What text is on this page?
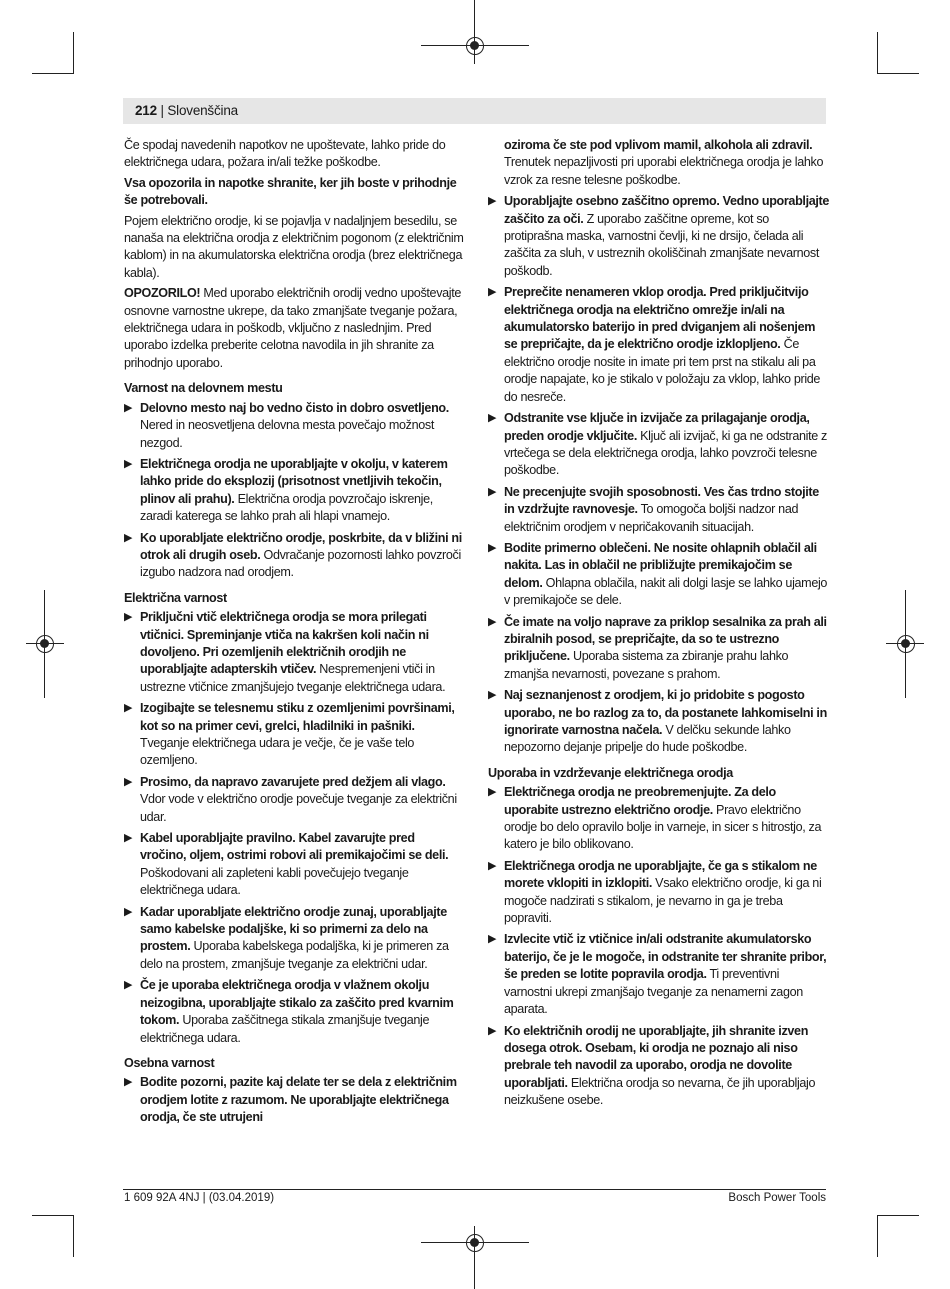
212 | Slovenščina

Če spodaj navedenih napotkov ne upoštevate, lahko pride do električnega udara, požara in/ali težke poškodbe.

Vsa opozorila in napotke shranite, ker jih boste v prihodnje še potrebovali.

Pojem električno orodje, ki se pojavlja v nadaljnjem besedilu, se nanaša na električna orodja z električnim pogonom (z električnim kablom) in na akumulatorska električna orodja (brez električnega kabla).

OPOZORILO! Med uporabo električnih orodij vedno upoštevajte osnovne varnostne ukrepe, da tako zmanjšate tveganje požara, električnega udara in poškodb, vključno z naslednjim. Pred uporabo izdelka preberite celotna navodila in jih shranite za prihodnjo uporabo.

Varnost na delovnem mestu
▶ Delovno mesto naj bo vedno čisto in dobro osvetljeno. Nered in neosvetljena delovna mesta povečajo možnost nezgod.
▶ Električnega orodja ne uporabljajte v okolju, v katerem lahko pride do eksplozij (prisotnost vnetljivih tekočin, plinov ali prahu). Električna orodja povzročajo iskrenje, zaradi katerega se lahko prah ali hlapi vnamejo.
▶ Ko uporabljate električno orodje, poskrbite, da v bližini ni otrok ali drugih oseb. Odvračanje pozornosti lahko povzroči izgubo nadzora nad orodjem.
Električna varnost
▶ Priključni vtič električnega orodja se mora prilegati vtičnici. Spreminjanje vtiča na kakršen koli način ni dovoljeno. Pri ozemljenih električnih orodjih ne uporabljajte adapterskih vtičev. Nespremenjeni vtiči in ustrezne vtičnice zmanjšujejo tveganje električnega udara.
▶ Izogibajte se telesnemu stiku z ozemljenimi površinami, kot so na primer cevi, grelci, hladilniki in pašniki. Tveganje električnega udara je večje, če je vaše telo ozemljeno.
▶ Prosimo, da napravo zavarujete pred dežjem ali vlago. Vdor vode v električno orodje povečuje tveganje za električni udar.
▶ Kabel uporabljajte pravilno. Kabel zavarujte pred vročino, oljem, ostrimi robovi ali premikajočimi se deli. Poškodovani ali zapleteni kabli povečujejo tveganje električnega udara.
▶ Kadar uporabljate električno orodje zunaj, uporabljajte samo kabelske podaljške, ki so primerni za delo na prostem. Uporaba kabelskega podaljška, ki je primeren za delo na prostem, zmanjšuje tveganje za električni udar.
▶ Če je uporaba električnega orodja v vlažnem okolju neizogibna, uporabljajte stikalo za zaščito pred kvarnim tokom. Uporaba zaščitnega stikala zmanjšuje tveganje električnega udara.
Osebna varnost
▶ Bodite pozorni, pazite kaj delate ter se dela z električnim orodjem lotite z razumom. Ne uporabljajte električnega orodja, če ste utrujeni
oziroma če ste pod vplivom mamil, alkohola ali zdravil. Trenutek nepazljivosti pri uporabi električnega orodja je lahko vzrok za resne telesne poškodbe.
▶ Uporabljajte osebno zaščitno opremo. Vedno uporabljajte zaščito za oči. Z uporabo zaščitne opreme, kot so protiprašna maska, varnostni čevlji, ki ne drsijo, čelada ali zaščita za sluh, v ustreznih okoliščinah zmanjšate nevarnost poškodb.
▶ Preprečite nenameren vklop orodja. Pred priključitvijo električnega orodja na električno omrežje in/ali na akumulatorsko baterijo in pred dviganjem ali nošenjem se prepričajte, da je električno orodje izklopljeno. Če električno orodje nosite in imate pri tem prst na stikalu ali pa orodje napajate, ko je stikalo v položaju za vklop, lahko pride do nesreče.
▶ Odstranite vse ključe in izvijače za prilagajanje orodja, preden orodje vključite. Ključ ali izvijač, ki ga ne odstranite z vrtečega se dela električnega orodja, lahko povzroči telesne poškodbe.
▶ Ne precenjujte svojih sposobnosti. Ves čas trdno stojite in vzdržujte ravnovesje. To omogoča boljši nadzor nad električnim orodjem v nepričakovanih situacijah.
▶ Bodite primerno oblečeni. Ne nosite ohlapnih oblačil ali nakita. Las in oblačil ne približujte premikajočim se delom. Ohlapna oblačila, nakit ali dolgi lasje se lahko ujamejo v premikajoče se dele.
▶ Če imate na voljo naprave za priklop sesalnika za prah ali zbiralnih posod, se prepričajte, da so te ustrezno priključene. Uporaba sistema za zbiranje prahu lahko zmanjša nevarnosti, povezane s prahom.
▶ Naj seznanjenost z orodjem, ki jo pridobite s pogosto uporabo, ne bo razlog za to, da postanete lahkomiselni in ignorirate varnostna načela. V delčku sekunde lahko nepozorno dejanje pripelje do hude poškodbe.
Uporaba in vzdrževanje električnega orodja
▶ Električnega orodja ne preobremenjujte. Za delo uporabite ustrezno električno orodje. Pravo električno orodje bo delo opravilo bolje in varneje, in sicer s hitrostjo, za katero je bilo oblikovano.
▶ Električnega orodja ne uporabljajte, če ga s stikalom ne morete vklopiti in izklopiti. Vsako električno orodje, ki ga ni mogoče nadzirati s stikalom, je nevarno in ga je treba popraviti.
▶ Izvlecite vtič iz vtičnice in/ali odstranite akumulatorsko baterijo, če je le mogoče, in odstranite ter shranite pribor, še preden se lotite popravila orodja. Ti preventivni varnostni ukrepi zmanjšajo tveganje za nenamerni zagon aparata.
▶ Ko električnih orodij ne uporabljajte, jih shranite izven dosega otrok. Osebam, ki orodja ne poznajo ali niso prebrale teh navodil za uporabo, orodja ne dovolite uporabljati. Električna orodja so nevarna, če jih uporabljajo neizkušene osebe.
1 609 92A 4NJ | (03.04.2019)	Bosch Power Tools
